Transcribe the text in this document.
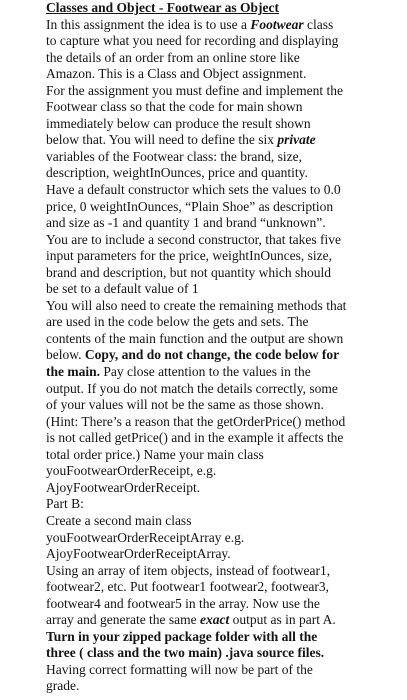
Classes and Object - Footwear as Object
In this assignment the idea is to use a Footwear class
to capture what you need for recording and displaying
the details of an order from an online store like
Amazon. This is a Class and Object assignment.
For the assignment you must define and implement the
Footwear class so that the code for main shown
immediately below can produce the result shown
below that. You will need to define the six private
variables of the Footwear class: the brand, size,
description, weightInOunces, price and quantity.
Have a default constructor which sets the values to 0.0
price, 0 weightInOunces, “Plain Shoe” as description
and size as -1 and quantity 1 and brand “unknown”.
You are to include a second constructor, that takes five
input parameters for the price, weightInOunces, size,
brand and description, but not quantity which should
be set to a default value of 1
You will also need to create the remaining methods that
are used in the code below the gets and sets. The
contents of the main function and the output are shown
below. Copy, and do not change, the code below for
the main. Pay close attention to the values in the
output. If you do not match the details correctly, some
of your values will not be the same as those shown.
(Hint: There’s a reason that the getOrderPrice() method
is not called getPrice() and in the example it affects the
total order price.) Name your main class
youFootwearOrderReceipt, e.g.
AjoyFootwearOrderReceipt.
Part B:
Create a second main class
youFootwearOrderReceiptArray e.g.
AjoyFootwearOrderReceiptArray.
Using an array of item objects, instead of footwear1,
footwear2, etc. Put footwear1 footwear2, footwear3,
footwear4 and footwear5 in the array. Now use the
array and generate the same exact output as in part A.
Turn in your zipped package folder with all the
three ( class and the two main) .java source files.
Having correct formatting will now be part of the
grade.
